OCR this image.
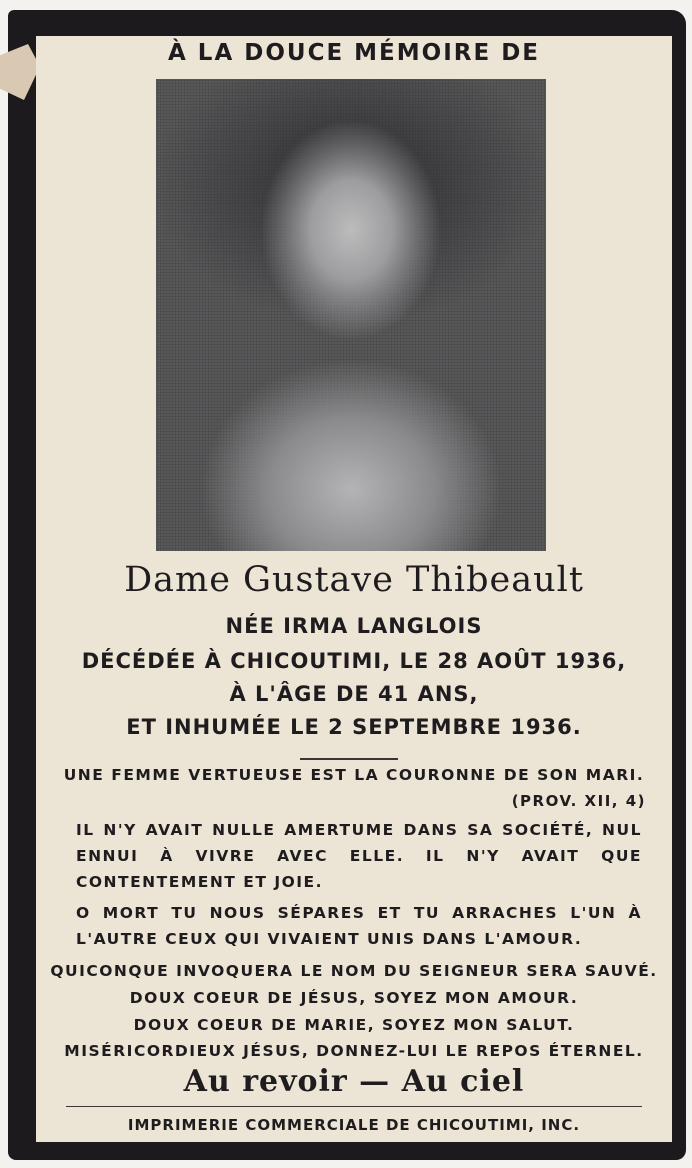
À LA DOUCE MÉMOIRE DE
Dame Gustave Thibeault
NÉE IRMA LANGLOIS
DÉCÉDÉE À CHICOUTIMI, LE 28 AOÛT 1936,
À L'ÂGE DE 41 ANS,
ET INHUMÉE LE 2 SEPTEMBRE 1936.
UNE FEMME VERTUEUSE EST LA COURONNE DE SON MARI.
(PROV. XII, 4)
IL N'Y AVAIT NULLE AMERTUME DANS SA SOCIÉTÉ, NUL ENNUI À VIVRE AVEC ELLE. IL N'Y AVAIT QUE CONTENTEMENT ET JOIE.
O MORT TU NOUS SÉPARES ET TU ARRACHES L'UN À L'AUTRE CEUX QUI VIVAIENT UNIS DANS L'AMOUR.
QUICONQUE INVOQUERA LE NOM DU SEIGNEUR SERA SAUVÉ.
DOUX COEUR DE JÉSUS, SOYEZ MON AMOUR.
DOUX COEUR DE MARIE, SOYEZ MON SALUT.
MISÉRICORDIEUX JÉSUS, DONNEZ-LUI LE REPOS ÉTERNEL.
Au revoir — Au ciel
IMPRIMERIE COMMERCIALE DE CHICOUTIMI, INC.
